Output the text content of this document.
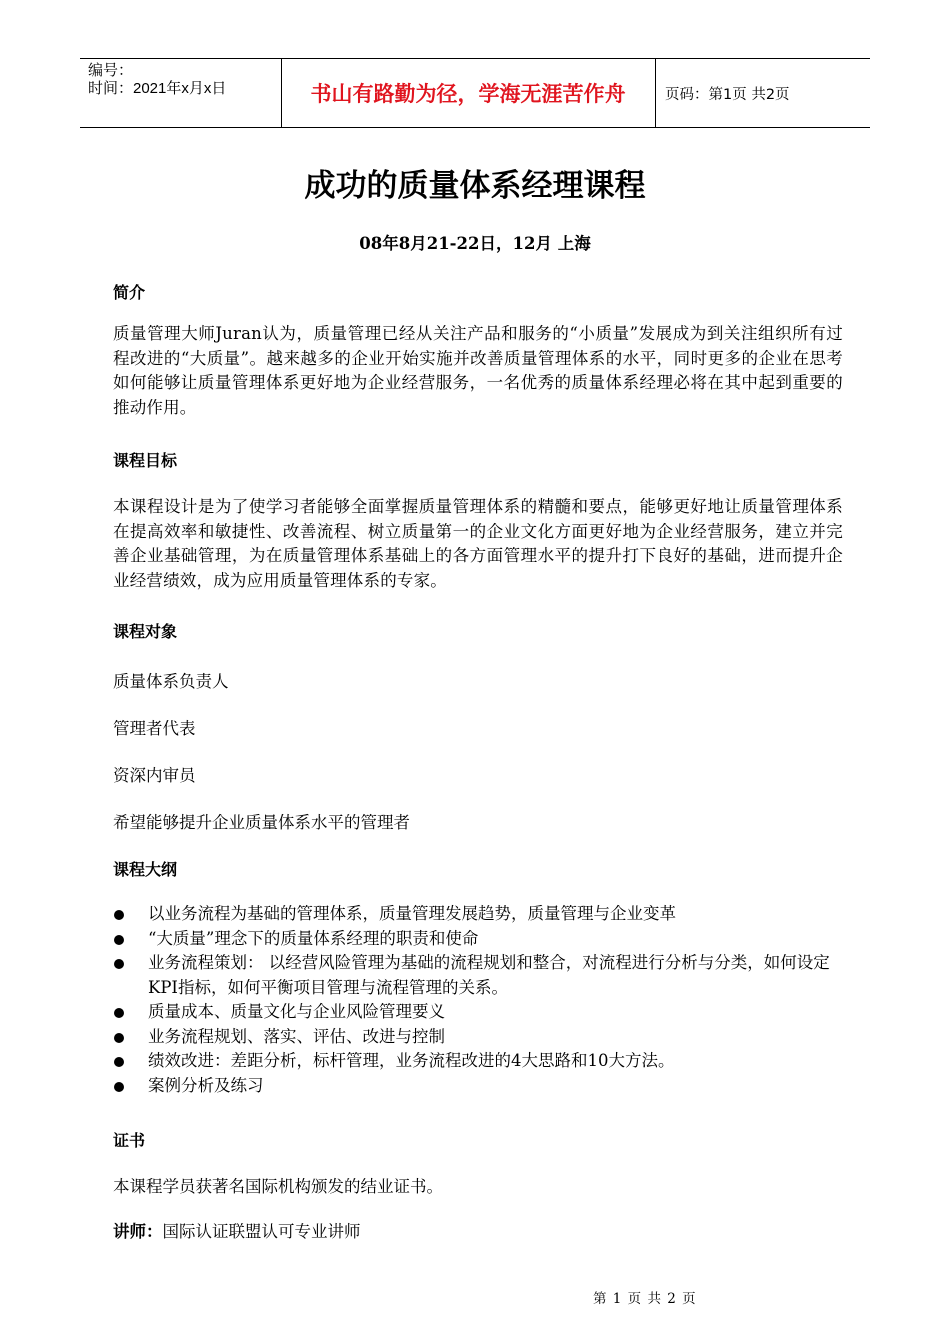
编号：
时间：2021年x月x日	书山有路勤为径，学海无涯苦作舟	页码：第1页 共2页
成功的质量体系经理课程
08年8月21-22日，12月 上海
简介
质量管理大师Juran认为，质量管理已经从关注产品和服务的“小质量”发展成为到关注组织所有过程改进的“大质量”。越来越多的企业开始实施并改善质量管理体系的水平，同时更多的企业在思考如何能够让质量管理体系更好地为企业经营服务，一名优秀的质量体系经理必将在其中起到重要的推动作用。
课程目标
本课程设计是为了使学习者能够全面掌握质量管理体系的精髓和要点，能够更好地让质量管理体系在提高效率和敏捷性、改善流程、树立质量第一的企业文化方面更好地为企业经营服务，建立并完善企业基础管理，为在质量管理体系基础上的各方面管理水平的提升打下良好的基础，进而提升企业经营绩效，成为应用质量管理体系的专家。
课程对象
质量体系负责人
管理者代表
资深内审员
希望能够提升企业质量体系水平的管理者
课程大纲
以业务流程为基础的管理体系，质量管理发展趋势，质量管理与企业变革
“大质量”理念下的质量体系经理的职责和使命
业务流程策划： 以经营风险管理为基础的流程规划和整合，对流程进行分析与分类，如何设定KPI指标，如何平衡项目管理与流程管理的关系。
质量成本、质量文化与企业风险管理要义
业务流程规划、落实、评估、改进与控制
绩效改进：差距分析，标杆管理，业务流程改进的4大思路和10大方法。
案例分析及练习
证书
本课程学员获著名国际机构颁发的结业证书。
讲师：国际认证联盟认可专业讲师
第 1 页 共 2 页
